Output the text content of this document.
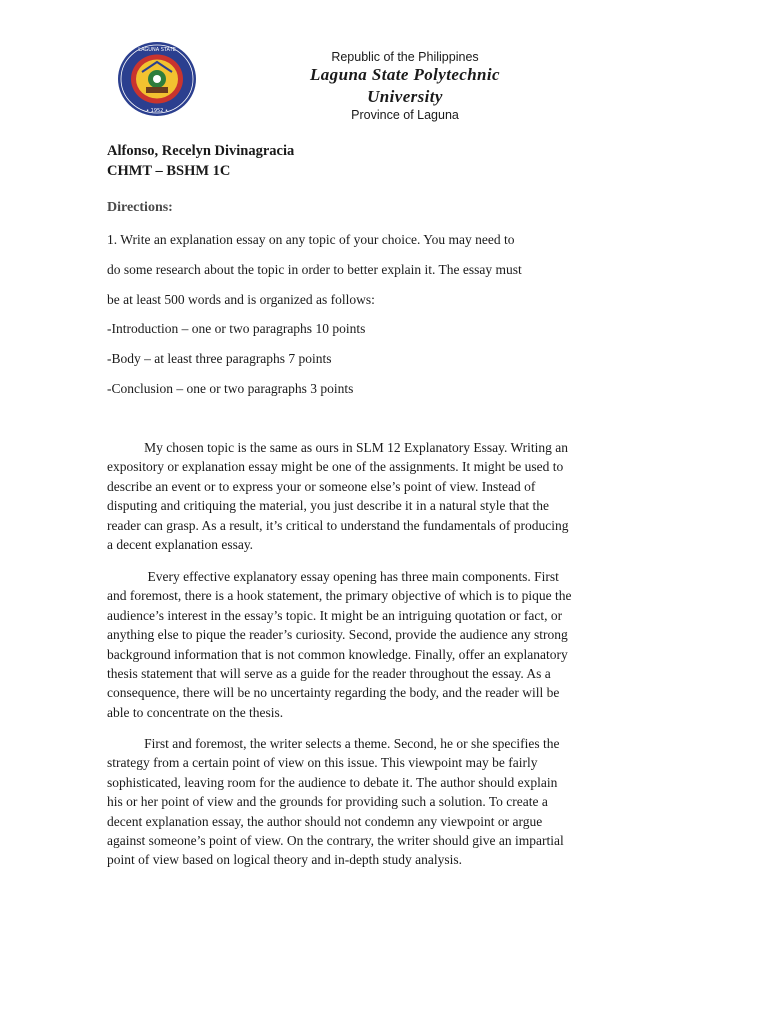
LAGUNA STATE
• 1952 •
Republic of the Philippines
Laguna State Polytechnic University
Province of Laguna
Alfonso, Recelyn Divinagracia
CHMT – BSHM 1C
Directions:
1. Write an explanation essay on any topic of your choice. You may need to
do some research about the topic in order to better explain it. The essay must
be at least 500 words and is organized as follows:
-Introduction – one or two paragraphs 10 points
-Body – at least three paragraphs 7 points
-Conclusion – one or two paragraphs 3 points
My chosen topic is the same as ours in SLM 12 Explanatory Essay. Writing an
expository or explanation essay might be one of the assignments. It might be used to
describe an event or to express your or someone else’s point of view. Instead of
disputing and critiquing the material, you just describe it in a natural style that the
reader can grasp. As a result, it’s critical to understand the fundamentals of producing
a decent explanation essay.
Every effective explanatory essay opening has three main components. First
and foremost, there is a hook statement, the primary objective of which is to pique the
audience’s interest in the essay’s topic. It might be an intriguing quotation or fact, or
anything else to pique the reader’s curiosity. Second, provide the audience any strong
background information that is not common knowledge. Finally, offer an explanatory
thesis statement that will serve as a guide for the reader throughout the essay. As a
consequence, there will be no uncertainty regarding the body, and the reader will be
able to concentrate on the thesis.
First and foremost, the writer selects a theme. Second, he or she specifies the
strategy from a certain point of view on this issue. This viewpoint may be fairly
sophisticated, leaving room for the audience to debate it. The author should explain
his or her point of view and the grounds for providing such a solution. To create a
decent explanation essay, the author should not condemn any viewpoint or argue
against someone’s point of view. On the contrary, the writer should give an impartial
point of view based on logical theory and in-depth study analysis.
